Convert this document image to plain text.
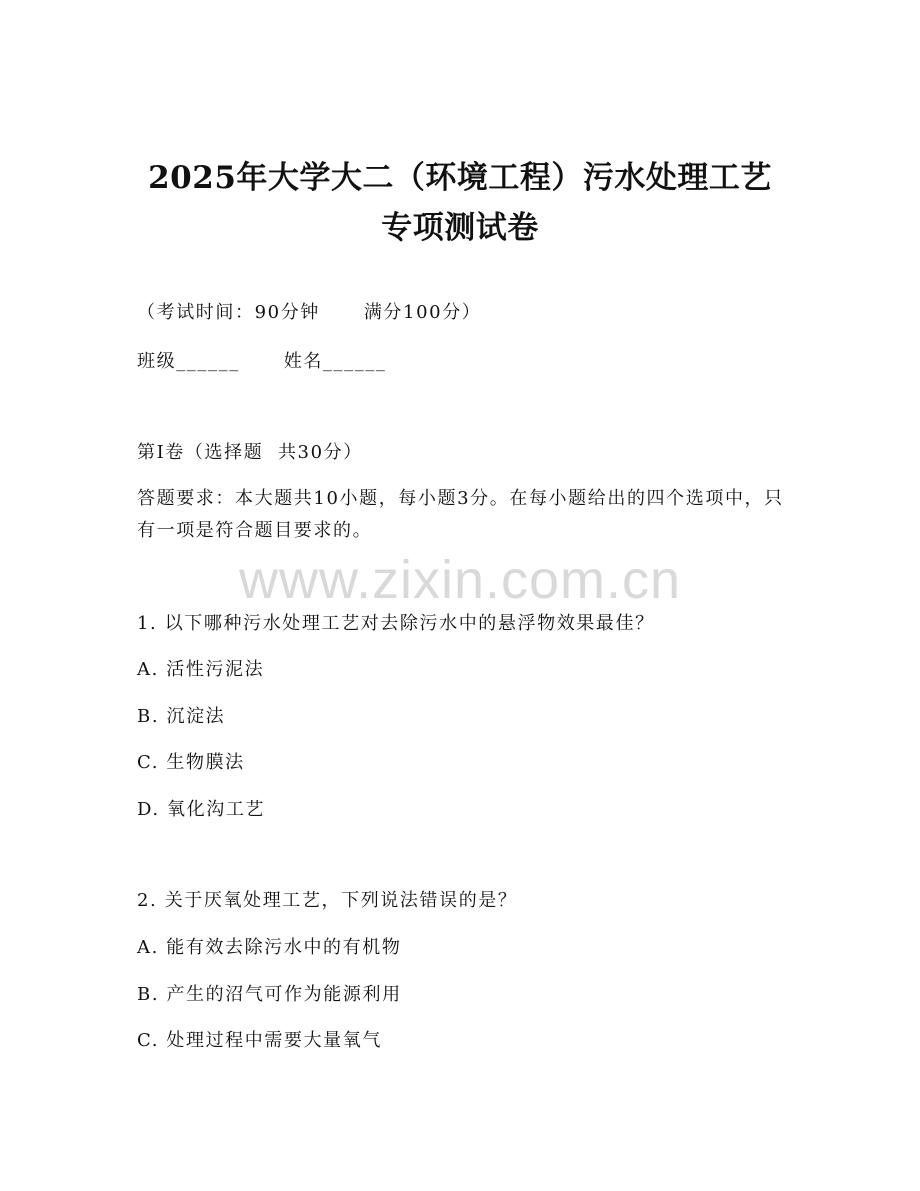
2025年大学大二（环境工程）污水处理工艺
专项测试卷
（考试时间：90分钟      满分100分）
班级______      姓名______
第I卷（选择题  共30分）
答题要求：本大题共10小题，每小题3分。在每小题给出的四个选项中，只有一项是符合题目要求的。
www.zixin.com.cn
1. 以下哪种污水处理工艺对去除污水中的悬浮物效果最佳？
A. 活性污泥法
B. 沉淀法
C. 生物膜法
D. 氧化沟工艺
2. 关于厌氧处理工艺，下列说法错误的是？
A. 能有效去除污水中的有机物
B. 产生的沼气可作为能源利用
C. 处理过程中需要大量氧气
